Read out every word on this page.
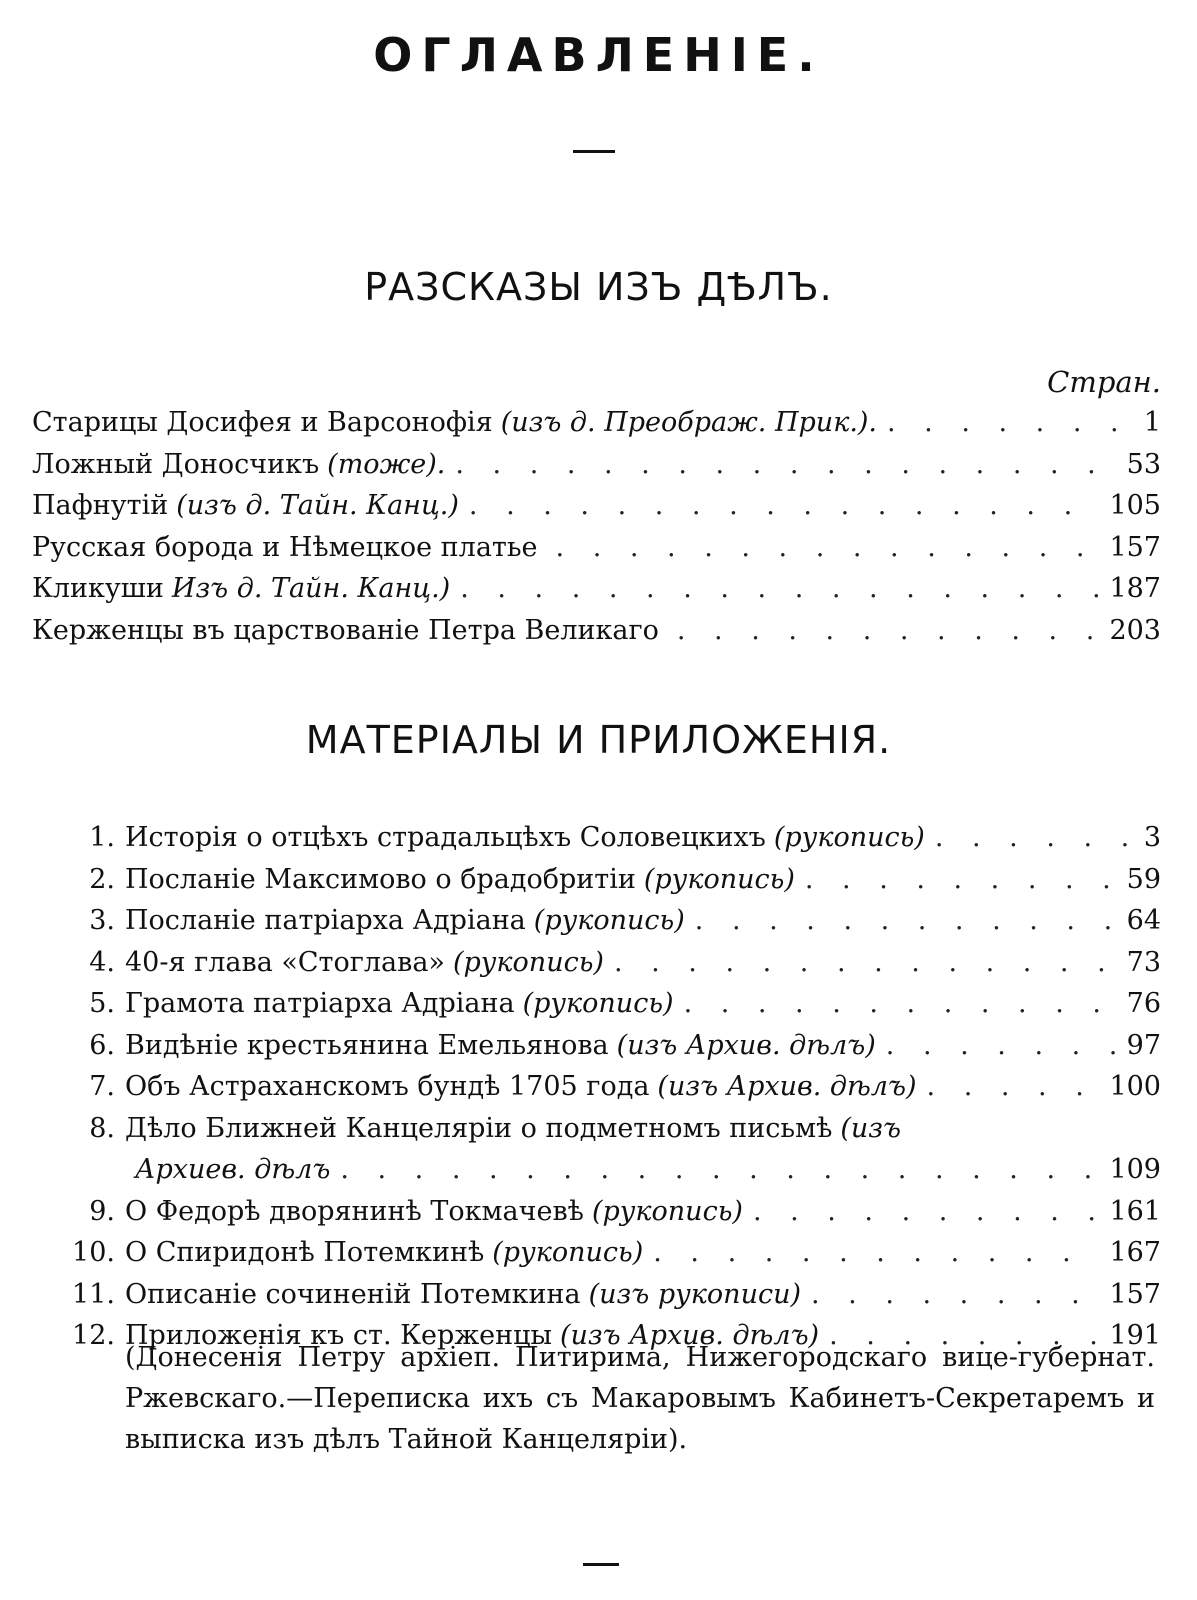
ОГЛАВЛЕНІЕ.
РАЗСКАЗЫ ИЗЪ ДѢЛЪ.
Стран.
Старицы Досифея и Варсонофія (изъ д. Преображ. Прик.). . . .	1
Ложный Доносчикъ (тоже). . . .	53
Пафнутій (изъ д. Тайн. Канц.) . . .	105
Русская борода и Нѣмецкое платье . . .	157
Кликуши Изъ д. Тайн. Канц.) . . .	187
Керженцы въ царствованіе Петра Великаго . . .	203
МАТЕРІАЛЫ И ПРИЛОЖЕНІЯ.
1. Исторія о отцѣхъ страдальцѣхъ Соловецкихъ (рукопись) . . .	3
2. Посланіе Максимово о брадобритіи (рукопись) . . .	59
3. Посланіе патріарха Адріана (рукопись) . . .	64
4. 40-я глава «Стоглава» (рукопись) . . .	73
5. Грамота патріарха Адріана (рукопись) . . .	76
6. Видѣніе крестьянина Емельянова (изъ Архив. дѣлъ) . . .	97
7. Объ Астраханскомъ бундѣ 1705 года (изъ Архив. дѣлъ) . . .	100
8. Дѣло Ближней Канцеляріи о подметномъ письмѣ (изъ
Архиев. дѣлъ . . .	109
9. О Федорѣ дворянинѣ Токмачевѣ (рукопись) . . .	161
10. О Спиридонѣ Потемкинѣ (рукопись) . . .	167
11. Описаніе сочиненій Потемкина (изъ рукописи) . . .	157
12. Приложенія къ ст. Керженцы (изъ Архив. дѣлъ) . . .	191
(Донесенія Петру архіеп. Питирима, Нижегородскаго вице-губернат. Ржевскаго.—Переписка ихъ съ Макаровымъ Кабинетъ-Секретаремъ и выписка изъ дѣлъ Тайной Канцеляріи).
